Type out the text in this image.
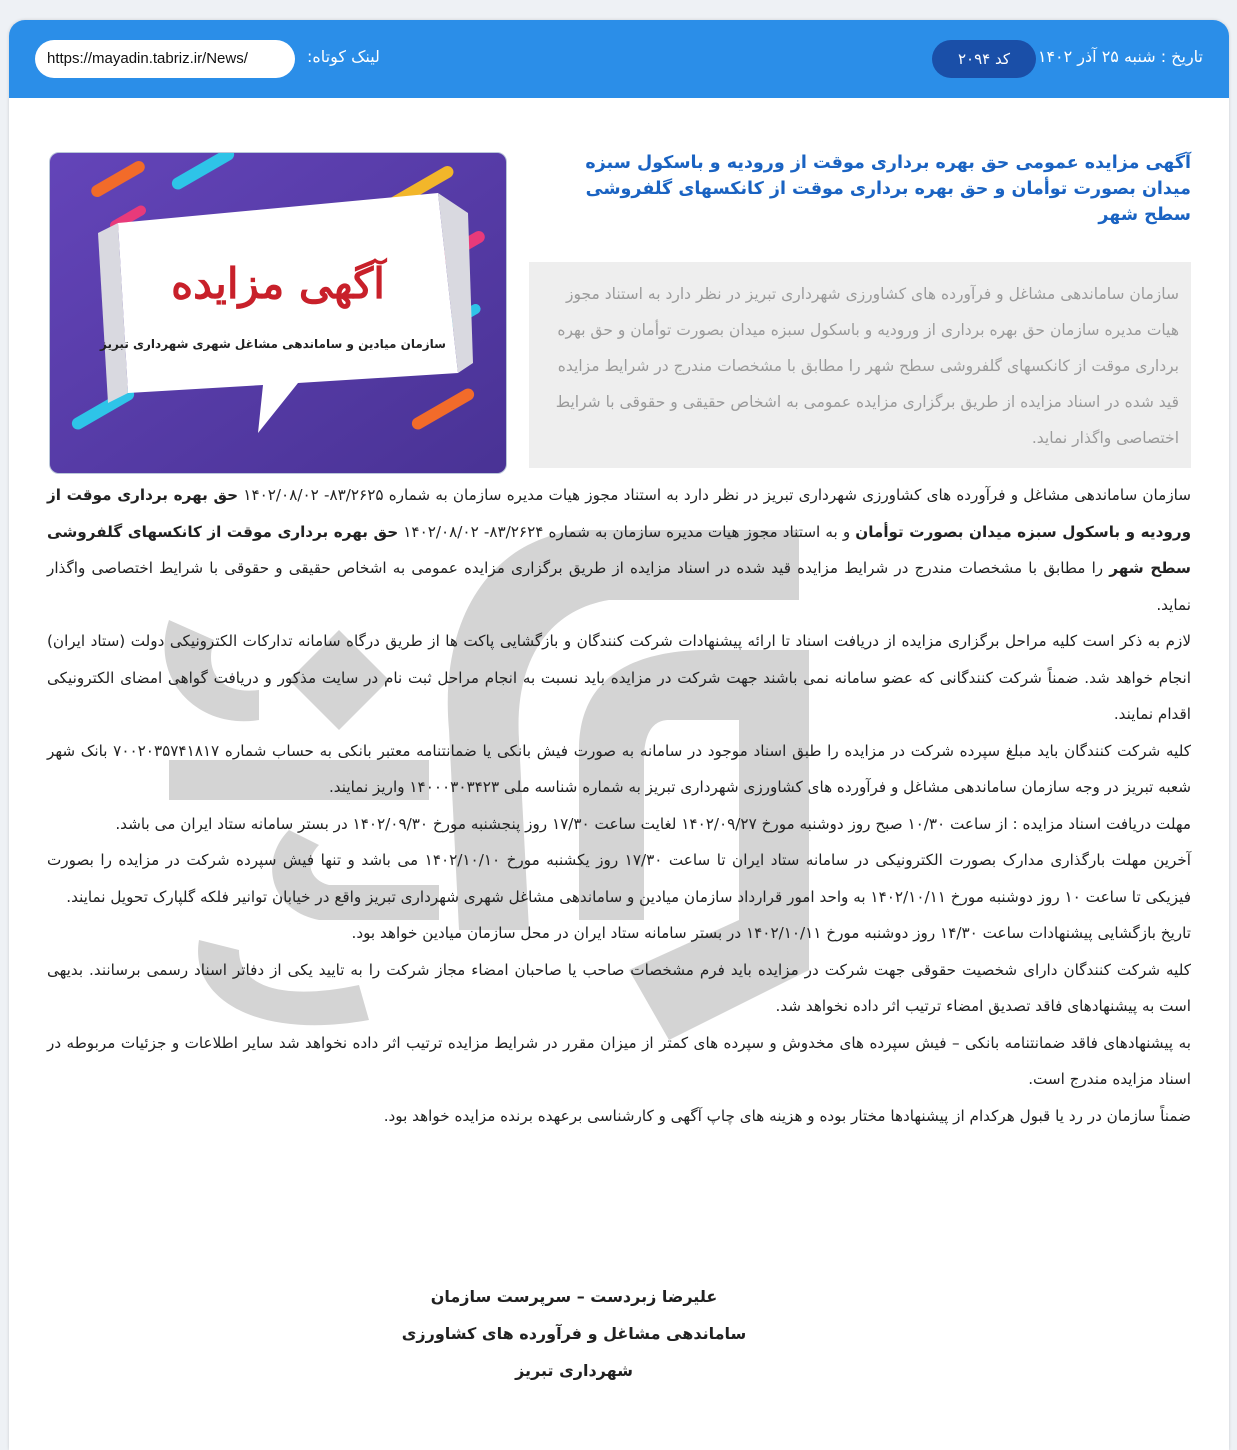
https://mayadin.tabriz.ir/News/	لینک کوتاه:	کد ۲۰۹۴	تاریخ : شنبه ۲۵ آذر ۱۴۰۲
آگهی مزایده
سازمان میادین و ساماندهی مشاغل شهری شهرداری تبریز
آگهی مزایده عمومی حق بهره برداری موقت از ورودیه و باسکول سبزه میدان بصورت توأمان و حق بهره برداری موقت از کانکسهای گلفروشی سطح شهر
سازمان ساماندهی مشاغل و فرآورده های کشاورزی شهرداری تبریز در نظر دارد به استناد مجوز هیات مدیره سازمان حق بهره برداری از ورودیه و باسکول سبزه میدان بصورت توأمان و حق بهره برداری موقت از کانکسهای گلفروشی سطح شهر را مطابق با مشخصات مندرج در شرایط مزایده قید شده در اسناد مزایده از طریق برگزاری مزایده عمومی به اشخاص حقیقی و حقوقی با شرایط اختصاصی واگذار نماید.

سازمان ساماندهی مشاغل و فرآورده های کشاورزی شهرداری تبریز در نظر دارد به استناد مجوز هیات مدیره سازمان به شماره ۸۳/۲۶۲۵- ۱۴۰۲/۰۸/۰۲ حق بهره برداری موقت از ورودیه و باسکول سبزه میدان بصورت توأمان و به استناد مجوز هیات مدیره سازمان به شماره ۸۳/۲۶۲۴- ۱۴۰۲/۰۸/۰۲ حق بهره برداری موقت از کانکسهای گلفروشی سطح شهر را مطابق با مشخصات مندرج در شرایط مزایده قید شده در اسناد مزایده از طریق برگزاری مزایده عمومی به اشخاص حقیقی و حقوقی با شرایط اختصاصی واگذار نماید.

لازم به ذکر است کلیه مراحل برگزاری مزایده از دریافت اسناد تا ارائه پیشنهادات شرکت کنندگان و بازگشایی پاکت ها از طریق درگاه سامانه تدارکات الکترونیکی دولت (ستاد ایران) انجام خواهد شد. ضمناً شرکت کنندگانی که عضو سامانه نمی باشند جهت شرکت در مزایده باید نسبت به انجام مراحل ثبت نام در سایت مذکور و دریافت گواهی امضای الکترونیکی اقدام نمایند.

کلیه شرکت کنندگان باید مبلغ سپرده شرکت در مزایده را طبق اسناد موجود در سامانه به صورت فیش بانکی یا ضمانتنامه معتبر بانکی به حساب شماره ۷۰۰۲۰۳۵۷۴۱۸۱۷ بانک شهر شعبه تبریز در وجه سازمان ساماندهی مشاغل و فرآورده های کشاورزی شهرداری تبریز به شماره شناسه ملی ۱۴۰۰۰۳۰۳۴۲۳ واریز نمایند.

مهلت دریافت اسناد مزایده : از ساعت ۱۰/۳۰ صبح روز دوشنبه مورخ ۱۴۰۲/۰۹/۲۷ لغایت ساعت ۱۷/۳۰ روز پنجشنبه مورخ ۱۴۰۲/۰۹/۳۰ در بستر سامانه ستاد ایران می باشد.

آخرین مهلت بارگذاری مدارک بصورت الکترونیکی در سامانه ستاد ایران تا ساعت ۱۷/۳۰ روز یکشنبه مورخ ۱۴۰۲/۱۰/۱۰ می باشد و تنها فیش سپرده شرکت در مزایده را بصورت فیزیکی تا ساعت ۱۰ روز دوشنبه مورخ ۱۴۰۲/۱۰/۱۱ به واحد امور قرارداد سازمان میادین و ساماندهی مشاغل شهری شهرداری تبریز واقع در خیابان توانیر فلکه گلپارک تحویل نمایند.

تاریخ بازگشایی پیشنهادات ساعت ۱۴/۳۰ روز دوشنبه مورخ ۱۴۰۲/۱۰/۱۱ در بستر سامانه ستاد ایران در محل سازمان میادین خواهد بود.

کلیه شرکت کنندگان دارای شخصیت حقوقی جهت شرکت در مزایده باید فرم مشخصات صاحب یا صاحبان امضاء مجاز شرکت را به تایید یکی از دفاتر اسناد رسمی برسانند. بدیهی است به پیشنهادهای فاقد تصدیق امضاء ترتیب اثر داده نخواهد شد.

به پیشنهادهای فاقد ضمانتنامه بانکی – فیش سپرده های مخدوش و سپرده های کمتر از میزان مقرر در شرایط مزایده ترتیب اثر داده نخواهد شد سایر اطلاعات و جزئیات مربوطه در اسناد مزایده مندرج است.

ضمناً سازمان در رد یا قبول هرکدام از پیشنهادها مختار بوده و هزینه های چاپ آگهی و کارشناسی برعهده برنده مزایده خواهد بود.

علیرضا زبردست – سرپرست سازمان
ساماندهی مشاغل و فرآورده های کشاورزی
شهرداری تبریز
